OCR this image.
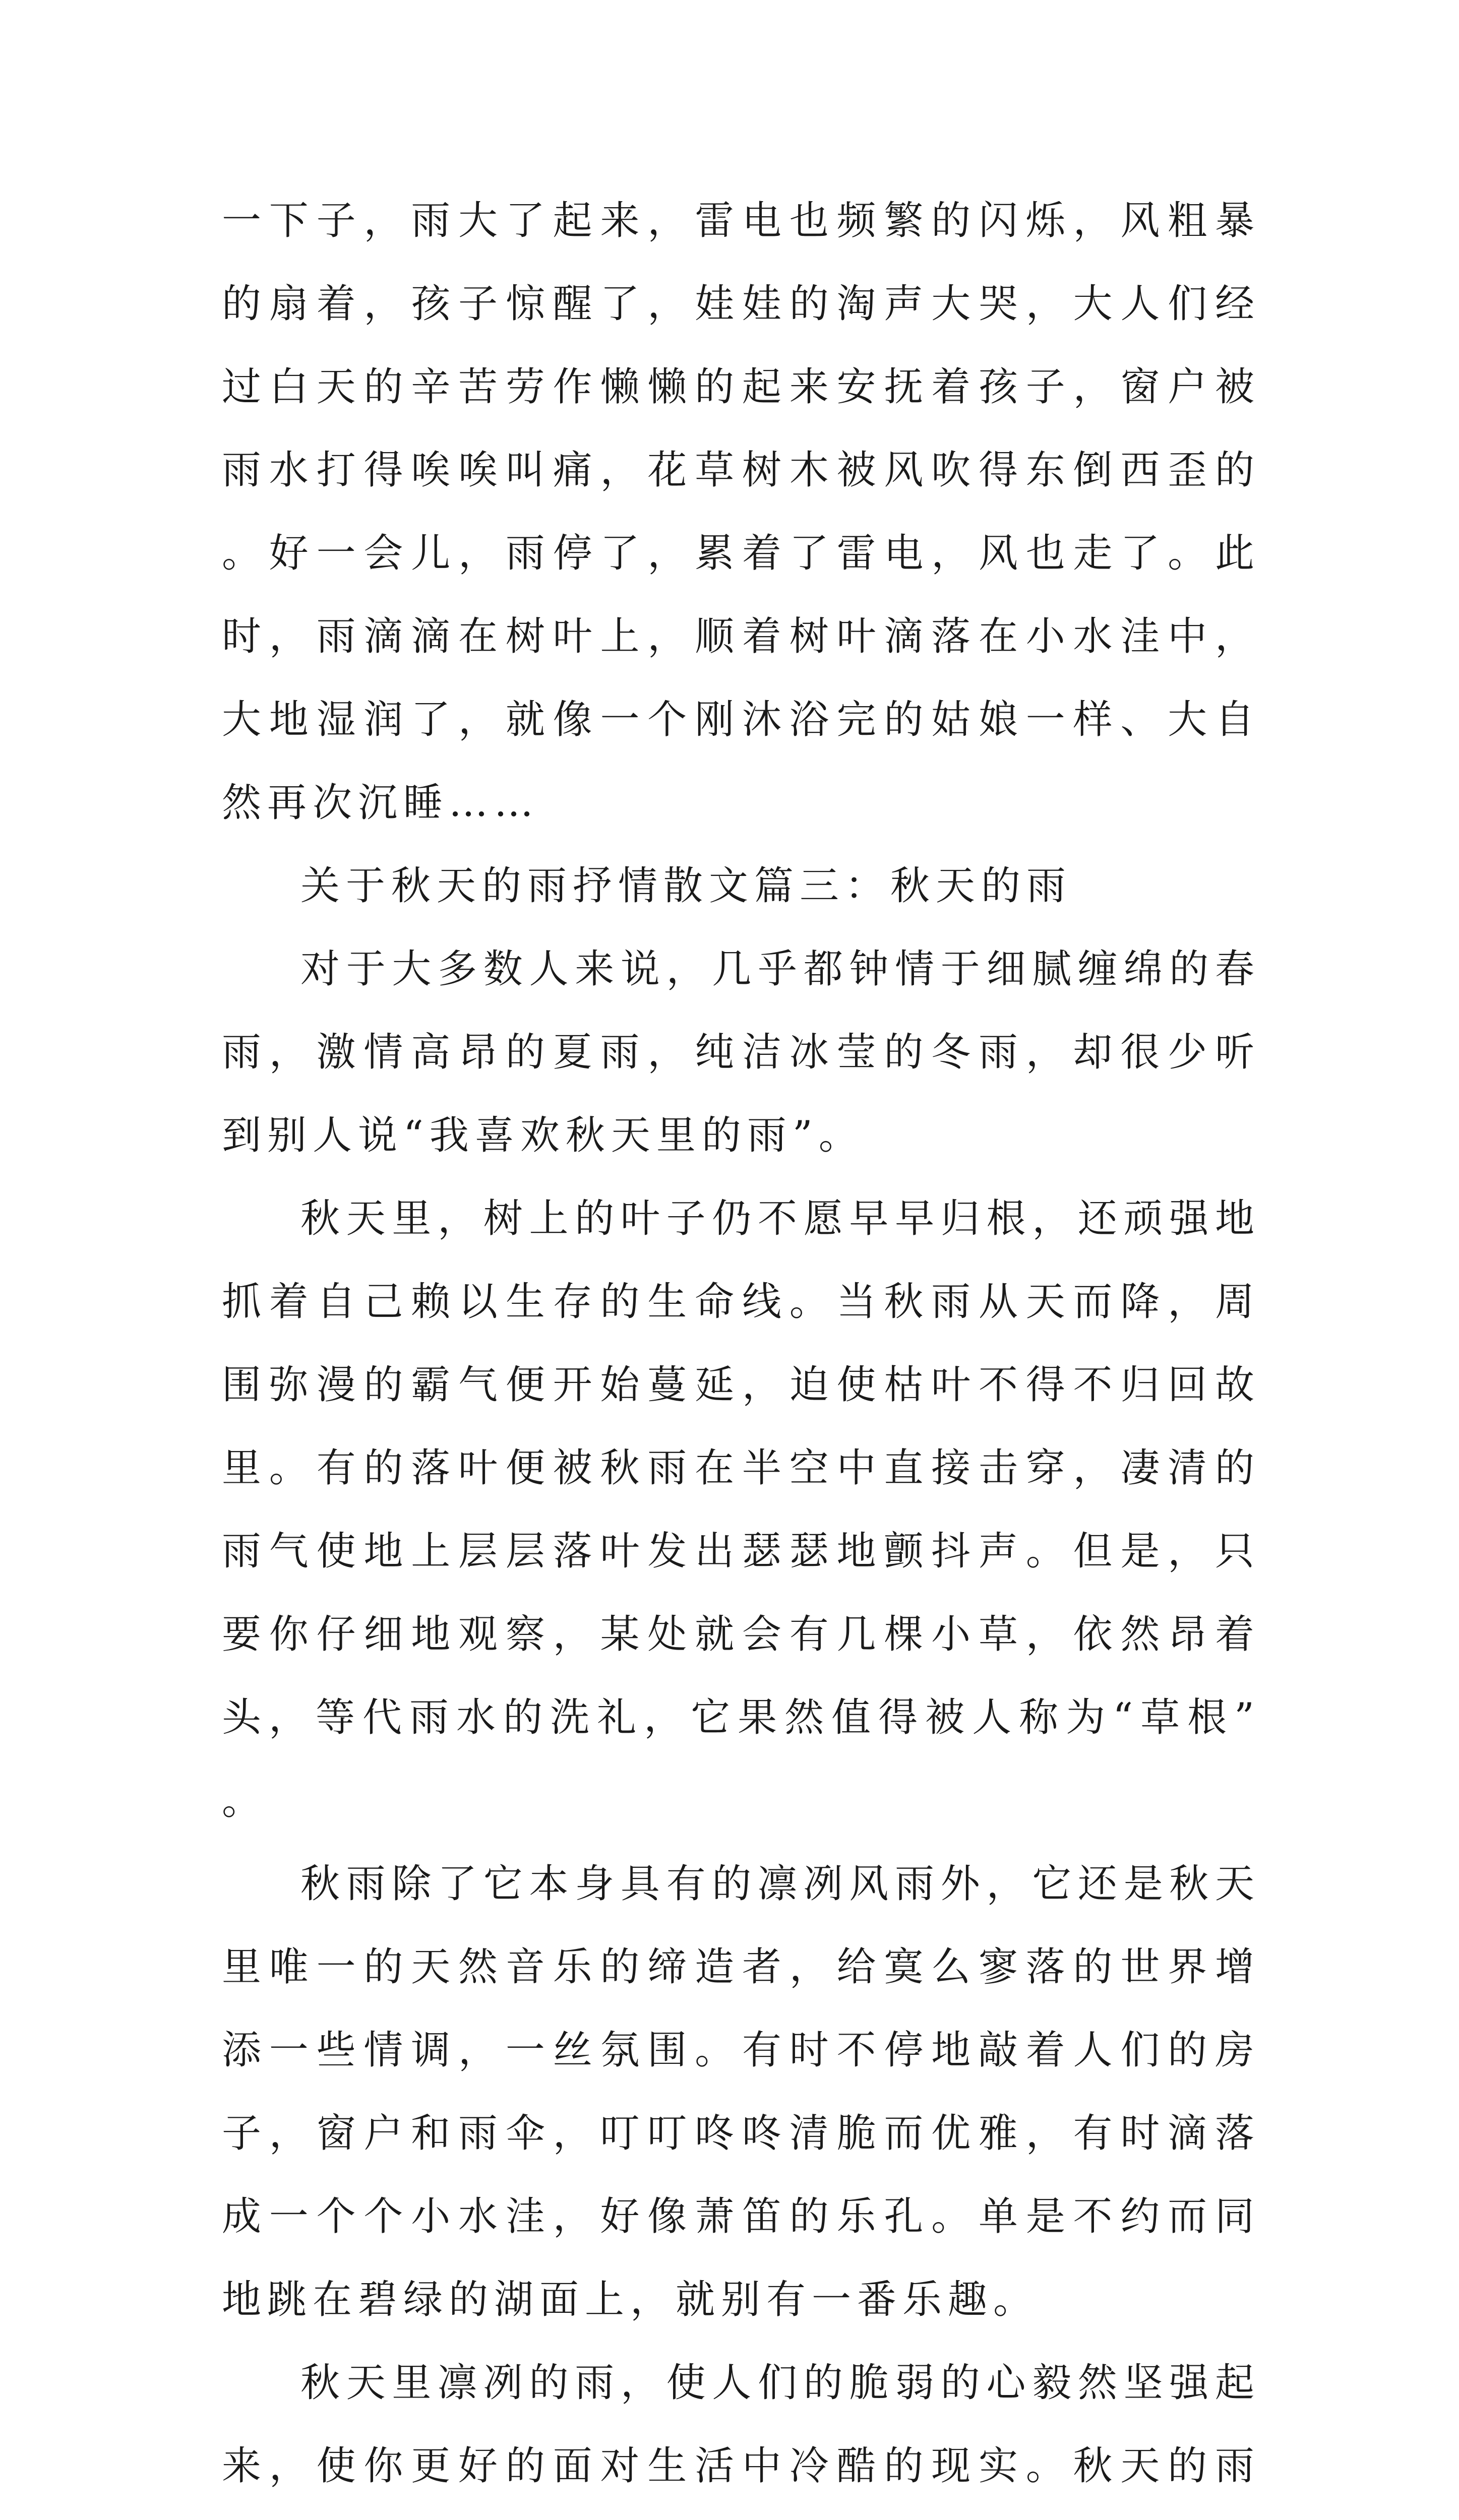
一下子，雨大了起来，雷电也频繁的闪烁，风粗暴的扇着，孩子惊醒了，娃娃的淘声大哭，大人们经过白天的辛苦劳作懒懒的起来安抚着孩子，窗户被雨水打得唉唉叫痛，花草树木被风吹得东倒西歪的。好一会儿，雨停了，累着了雷电，风也走了。此时，雨滴滴在树叶上，顺着树叶滴落在小水洼中，大地湿润了，就像一个刚沐浴完的姑娘一样、大自然再次沉睡……

关于秋天的雨抒情散文篇三：秋天的雨

对于大多数人来说，几乎都钟情于细腻缠绵的春雨，激情高昂的夏雨，纯洁冰莹的冬雨，却很少听到别人说“我喜欢秋天里的雨”。

秋天里，树上的叶子仍不愿早早归根，还顽强地抓着自己赖以生存的生命线。当秋雨从天而降，周围弥漫的霸气便开始蔓延，迫使枯叶不得不归回故里。有的落叶便被秋雨在半空中直接击穿，凄清的雨气使地上层层落叶发出瑟瑟地颤抖声。但是，只要你仔细地观察，某处就会有几棵小草，依然昂着头，等代雨水的洗礼，它果然值得被人称为“草根”。

秋雨除了它本身具有的凛冽风雨外，它还是秋天里唯一的天然音乐的缔造者，给寞么寥落的世界增添一些情调，一丝氛围。有时不停地敲着人们的房子，窗户和雨伞，叮叮咚咚清脆而优雅，有时滴落成一个个小水洼，好像萧笛的乐孔。单是不约而同地跳在碧绿的湖面上，就别有一番乐趣。

秋天里凛冽的雨，使人们的脆弱的心毅然坚强起来，使你更好的面对生活中冷酷的现实。秋天的雨
